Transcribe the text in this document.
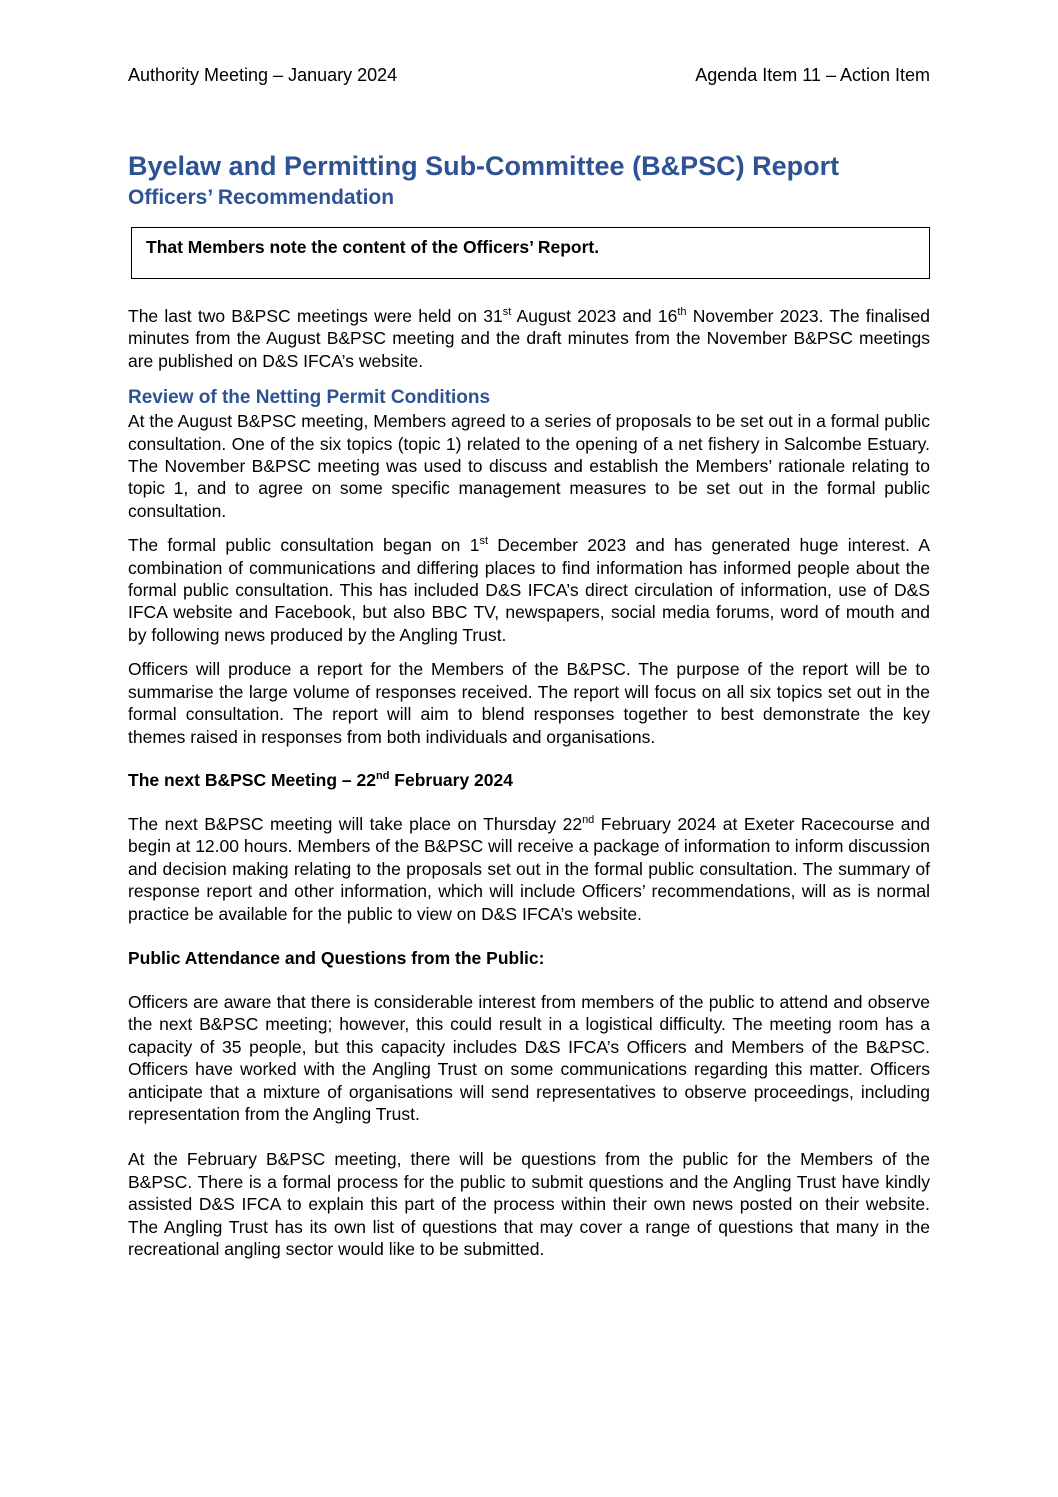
Authority Meeting – January 2024	Agenda Item 11 – Action Item
Byelaw and Permitting Sub-Committee (B&PSC) Report
Officers’ Recommendation
That Members note the content of the Officers’ Report.

The last two B&PSC meetings were held on 31st August 2023 and 16th November 2023. The finalised minutes from the August B&PSC meeting and the draft minutes from the November B&PSC meetings are published on D&S IFCA’s website.

Review of the Netting Permit Conditions

At the August B&PSC meeting, Members agreed to a series of proposals to be set out in a formal public consultation. One of the six topics (topic 1) related to the opening of a net fishery in Salcombe Estuary. The November B&PSC meeting was used to discuss and establish the Members’ rationale relating to topic 1, and to agree on some specific management measures to be set out in the formal public consultation.

The formal public consultation began on 1st December 2023 and has generated huge interest. A combination of communications and differing places to find information has informed people about the formal public consultation. This has included D&S IFCA’s direct circulation of information, use of D&S IFCA website and Facebook, but also BBC TV, newspapers, social media forums, word of mouth and by following news produced by the Angling Trust.

Officers will produce a report for the Members of the B&PSC. The purpose of the report will be to summarise the large volume of responses received. The report will focus on all six topics set out in the formal consultation. The report will aim to blend responses together to best demonstrate the key themes raised in responses from both individuals and organisations.

The next B&PSC Meeting – 22nd February 2024

The next B&PSC meeting will take place on Thursday 22nd February 2024 at Exeter Racecourse and begin at 12.00 hours. Members of the B&PSC will receive a package of information to inform discussion and decision making relating to the proposals set out in the formal public consultation. The summary of response report and other information, which will include Officers’ recommendations, will as is normal practice be available for the public to view on D&S IFCA’s website.

Public Attendance and Questions from the Public:

Officers are aware that there is considerable interest from members of the public to attend and observe the next B&PSC meeting; however, this could result in a logistical difficulty. The meeting room has a capacity of 35 people, but this capacity includes D&S IFCA’s Officers and Members of the B&PSC. Officers have worked with the Angling Trust on some communications regarding this matter. Officers anticipate that a mixture of organisations will send representatives to observe proceedings, including representation from the Angling Trust.

At the February B&PSC meeting, there will be questions from the public for the Members of the B&PSC. There is a formal process for the public to submit questions and the Angling Trust have kindly assisted D&S IFCA to explain this part of the process within their own news posted on their website. The Angling Trust has its own list of questions that may cover a range of questions that many in the recreational angling sector would like to be submitted.
